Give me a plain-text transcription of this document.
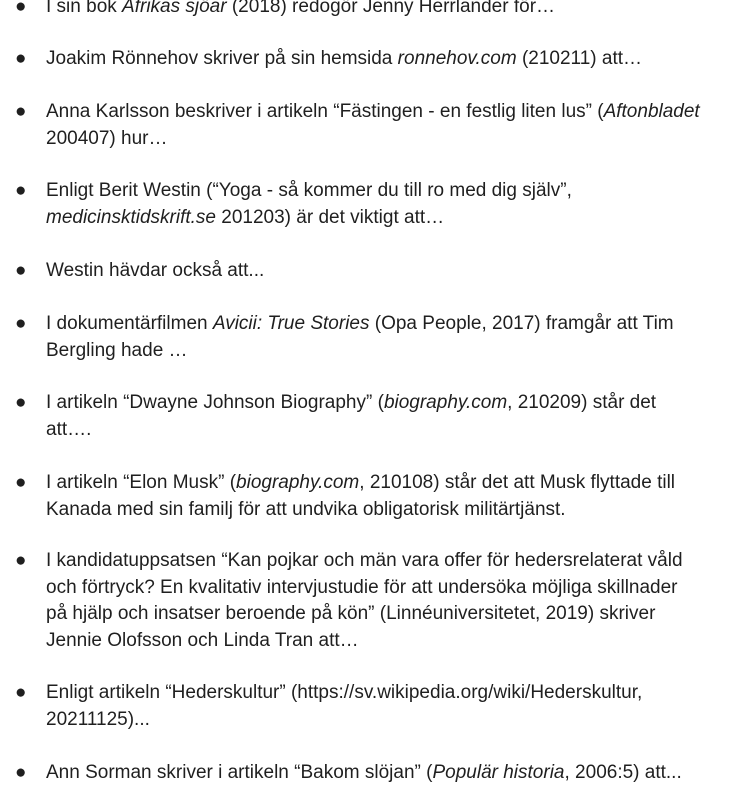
● I sin bok Afrikas sjöar (2018) redogör Jenny Herrlander för…
● Joakim Rönnehov skriver på sin hemsida ronnehov.com (210211) att…
● Anna Karlsson beskriver i artikeln “Fästingen - en festlig liten lus” (Aftonbladet
200407) hur…
● Enligt Berit Westin (“Yoga - så kommer du till ro med dig själv”,
medicinsktidskrift.se 201203) är det viktigt att…
● Westin hävdar också att...
● I dokumentärfilmen Avicii: True Stories (Opa People, 2017) framgår att Tim
Bergling hade …
● I artikeln “Dwayne Johnson Biography” (biography.com, 210209) står det
att….
● I artikeln “Elon Musk” (biography.com, 210108) står det att Musk flyttade till
Kanada med sin familj för att undvika obligatorisk militärtjänst.
● I kandidatuppsatsen “Kan pojkar och män vara offer för hedersrelaterat våld
och förtryck? En kvalitativ intervjustudie för att undersöka möjliga skillnader
på hjälp och insatser beroende på kön” (Linnéuniversitetet, 2019) skriver
Jennie Olofsson och Linda Tran att…
● Enligt artikeln “Hederskultur” (https://sv.wikipedia.org/wiki/Hederskultur,
20211125)...
● Ann Sorman skriver i artikeln “Bakom slöjan” (Populär historia, 2006:5) att...
